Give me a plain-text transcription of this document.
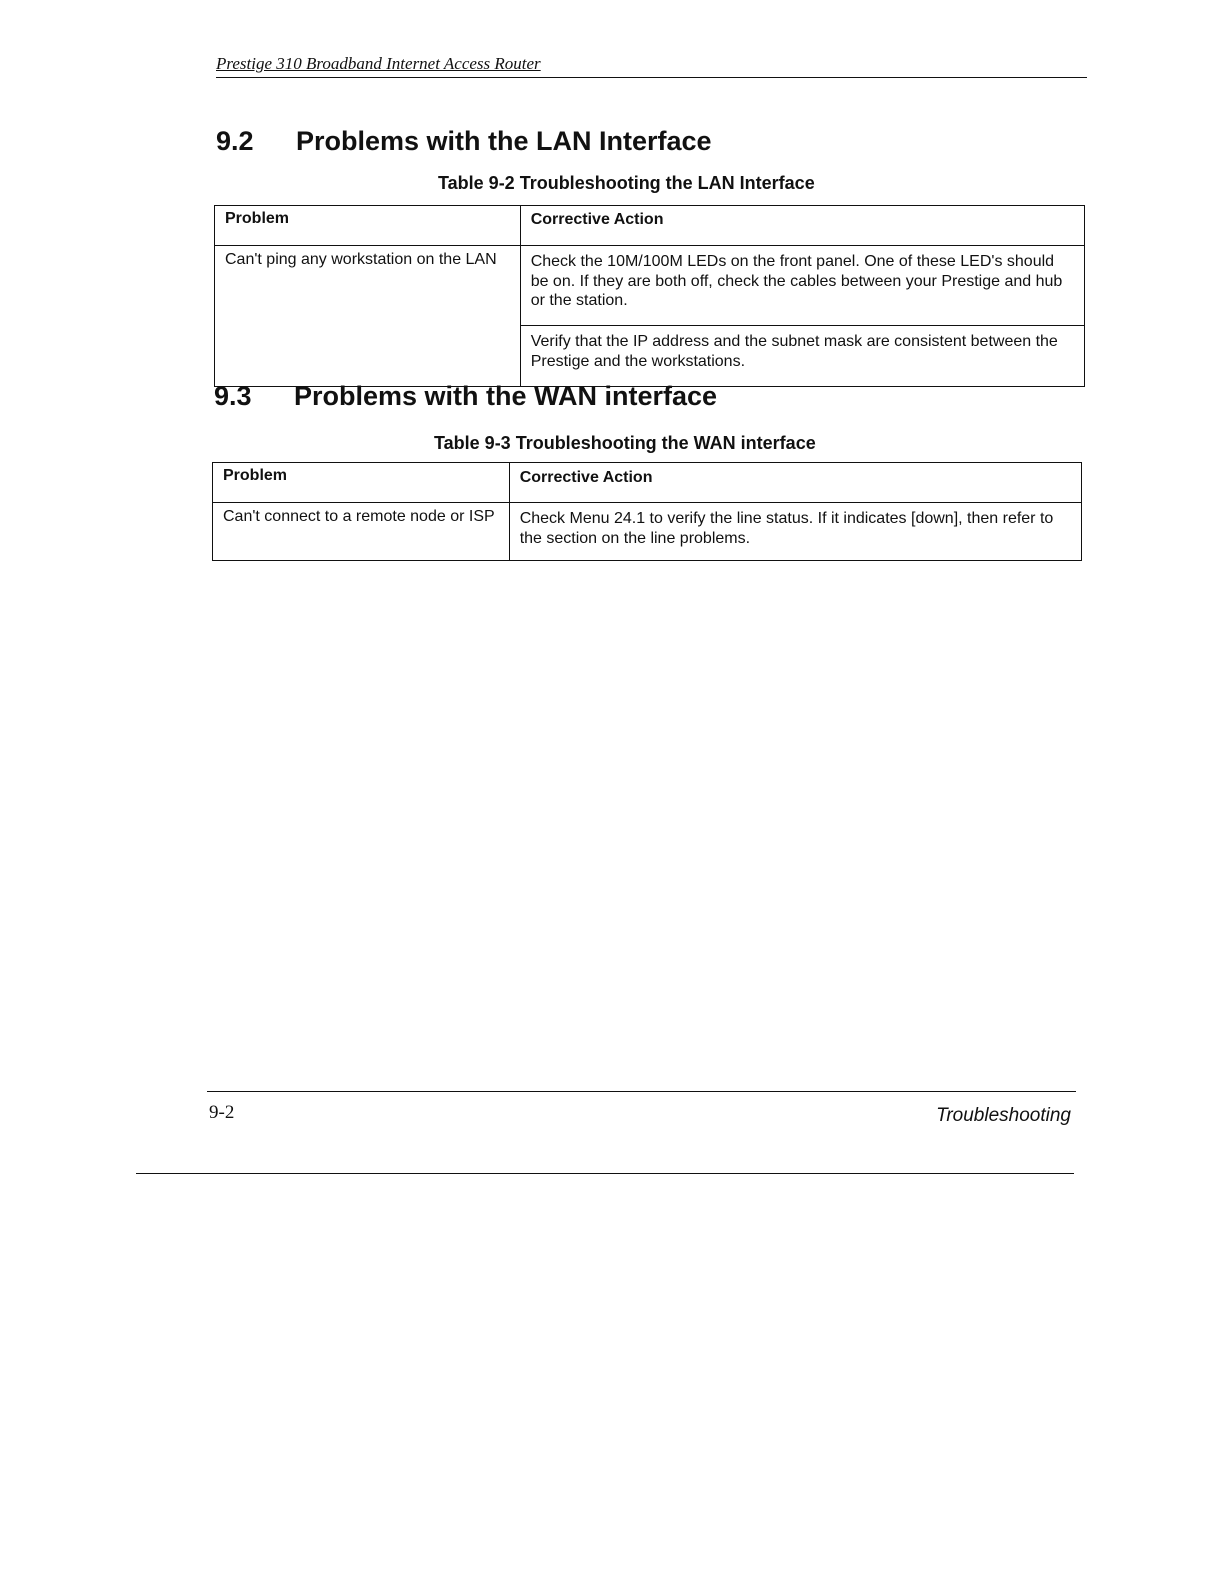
Prestige 310 Broadband Internet Access Router
9.2 Problems with the LAN Interface
Table 9-2 Troubleshooting the LAN Interface
Problem	Corrective Action
Can't ping any workstation on the LAN	Check the 10M/100M LEDs on the front panel. One of these LED's should be on. If they are both off, check the cables between your Prestige and hub or the station.
	Verify that the IP address and the subnet mask are consistent between the Prestige and the workstations.
9.3 Problems with the WAN interface
Table 9-3 Troubleshooting the WAN interface
Problem	Corrective Action
Can't connect to a remote node or ISP	Check Menu 24.1 to verify the line status. If it indicates [down], then refer to the section on the line problems.
9-2	Troubleshooting
